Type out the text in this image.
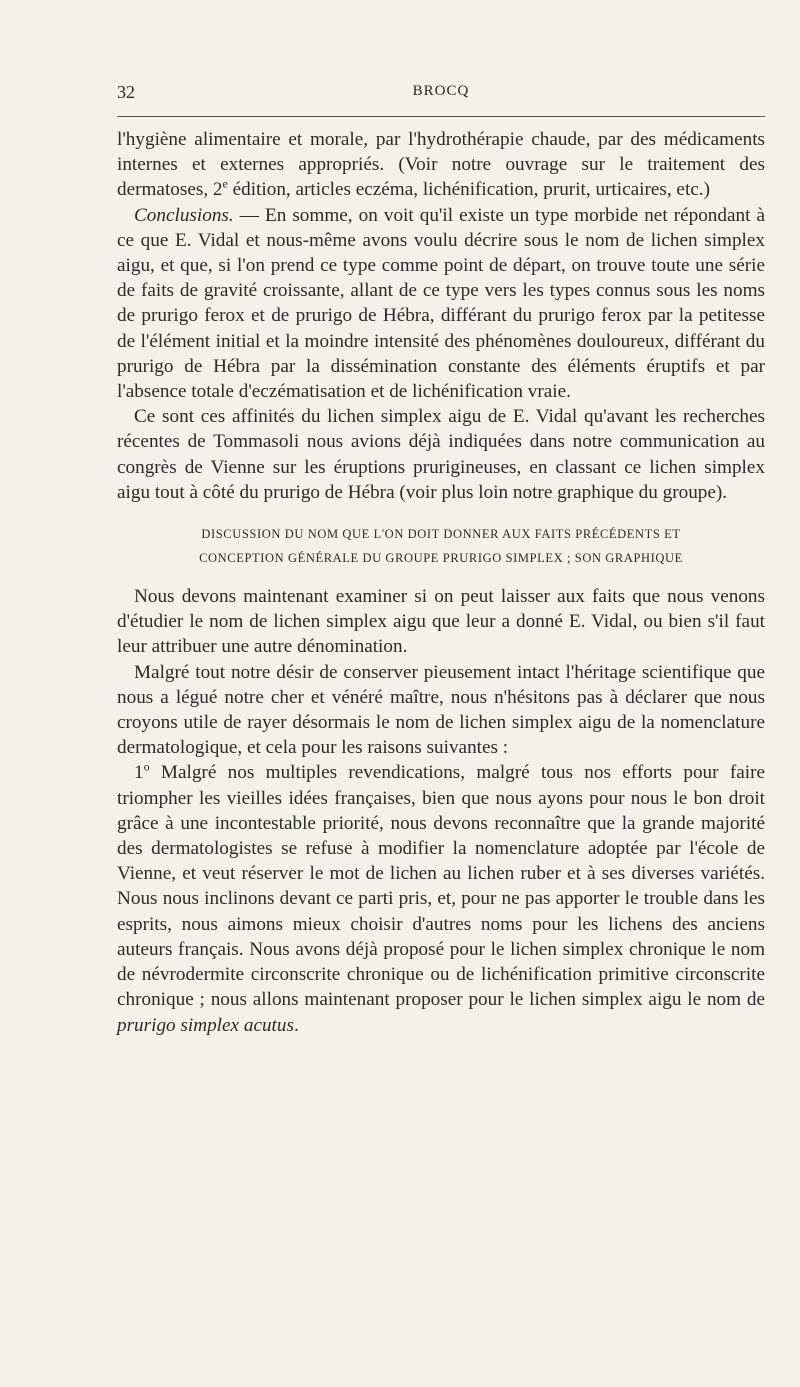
32	BROCQ

l'hygiène alimentaire et morale, par l'hydrothérapie chaude, par des médicaments internes et externes appropriés. (Voir notre ouvrage sur le traitement des dermatoses, 2e édition, articles eczéma, lichénification, prurit, urticaires, etc.)

Conclusions. — En somme, on voit qu'il existe un type morbide net répondant à ce que E. Vidal et nous-même avons voulu décrire sous le nom de lichen simplex aigu, et que, si l'on prend ce type comme point de départ, on trouve toute une série de faits de gravité croissante, allant de ce type vers les types connus sous les noms de prurigo ferox et de prurigo de Hébra, différant du prurigo ferox par la petitesse de l'élément initial et la moindre intensité des phénomènes douloureux, différant du prurigo de Hébra par la dissémination constante des éléments éruptifs et par l'absence totale d'eczématisation et de lichénification vraie.

Ce sont ces affinités du lichen simplex aigu de E. Vidal qu'avant les recherches récentes de Tommasoli nous avions déjà indiquées dans notre communication au congrès de Vienne sur les éruptions prurigineuses, en classant ce lichen simplex aigu tout à côté du prurigo de Hébra (voir plus loin notre graphique du groupe).

DISCUSSION DU NOM QUE L'ON DOIT DONNER AUX FAITS PRÉCÉDENTS ET
CONCEPTION GÉNÉRALE DU GROUPE PRURIGO SIMPLEX ; SON GRAPHIQUE

Nous devons maintenant examiner si on peut laisser aux faits que nous venons d'étudier le nom de lichen simplex aigu que leur a donné E. Vidal, ou bien s'il faut leur attribuer une autre dénomination.

Malgré tout notre désir de conserver pieusement intact l'héritage scientifique que nous a légué notre cher et vénéré maître, nous n'hésitons pas à déclarer que nous croyons utile de rayer désormais le nom de lichen simplex aigu de la nomenclature dermatologique, et cela pour les raisons suivantes :

1$^o$ Malgré nos multiples revendications, malgré tous nos efforts pour faire triompher les vieilles idées françaises, bien que nous ayons pour nous le bon droit grâce à une incontestable priorité, nous devons reconnaître que la grande majorité des dermatologistes se refuse à modifier la nomenclature adoptée par l'école de Vienne, et veut réserver le mot de lichen au lichen ruber et à ses diverses variétés. Nous nous inclinons devant ce parti pris, et, pour ne pas apporter le trouble dans les esprits, nous aimons mieux choisir d'autres noms pour les lichens des anciens auteurs français. Nous avons déjà proposé pour le lichen simplex chronique le nom de névrodermite circonscrite chronique ou de lichénification primitive circonscrite chronique ; nous allons maintenant proposer pour le lichen simplex aigu le nom de prurigo simplex acutus.
